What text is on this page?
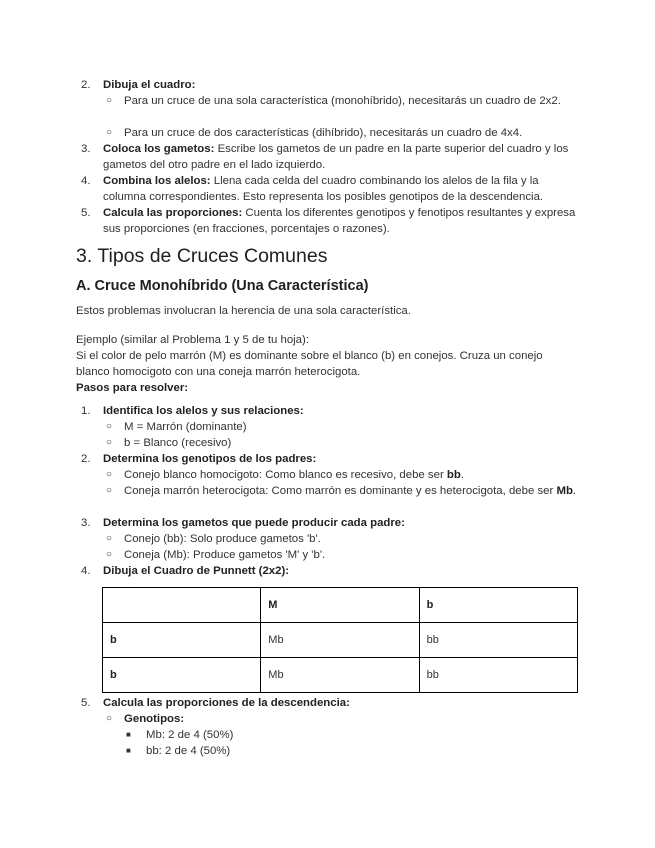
2. Dibuja el cuadro:
○ Para un cruce de una sola característica (monohíbrido), necesitarás un cuadro de 2x2.
○ Para un cruce de dos características (dihíbrido), necesitarás un cuadro de 4x4.
3. Coloca los gametos: Escribe los gametos de un padre en la parte superior del cuadro y los gametos del otro padre en el lado izquierdo.
4. Combina los alelos: Llena cada celda del cuadro combinando los alelos de la fila y la columna correspondientes. Esto representa los posibles genotipos de la descendencia.
5. Calcula las proporciones: Cuenta los diferentes genotipos y fenotipos resultantes y expresa sus proporciones (en fracciones, porcentajes o razones).
3. Tipos de Cruces Comunes
A. Cruce Monohíbrido (Una Característica)
Estos problemas involucran la herencia de una sola característica.
Ejemplo (similar al Problema 1 y 5 de tu hoja):
Si el color de pelo marrón (M) es dominante sobre el blanco (b) en conejos. Cruza un conejo blanco homocigoto con una coneja marrón heterocigota.
Pasos para resolver:
1. Identifica los alelos y sus relaciones:
○ M = Marrón (dominante)
○ b = Blanco (recesivo)
2. Determina los genotipos de los padres:
○ Conejo blanco homocigoto: Como blanco es recesivo, debe ser bb.
○ Coneja marrón heterocigota: Como marrón es dominante y es heterocigota, debe ser Mb.
3. Determina los gametos que puede producir cada padre:
○ Conejo (bb): Solo produce gametos 'b'.
○ Coneja (Mb): Produce gametos 'M' y 'b'.
4. Dibuja el Cuadro de Punnett (2x2):
	M	b
b	Mb	bb
b	Mb	bb
5. Calcula las proporciones de la descendencia:
○ Genotipos:
■ Mb: 2 de 4 (50%)
■ bb: 2 de 4 (50%)
